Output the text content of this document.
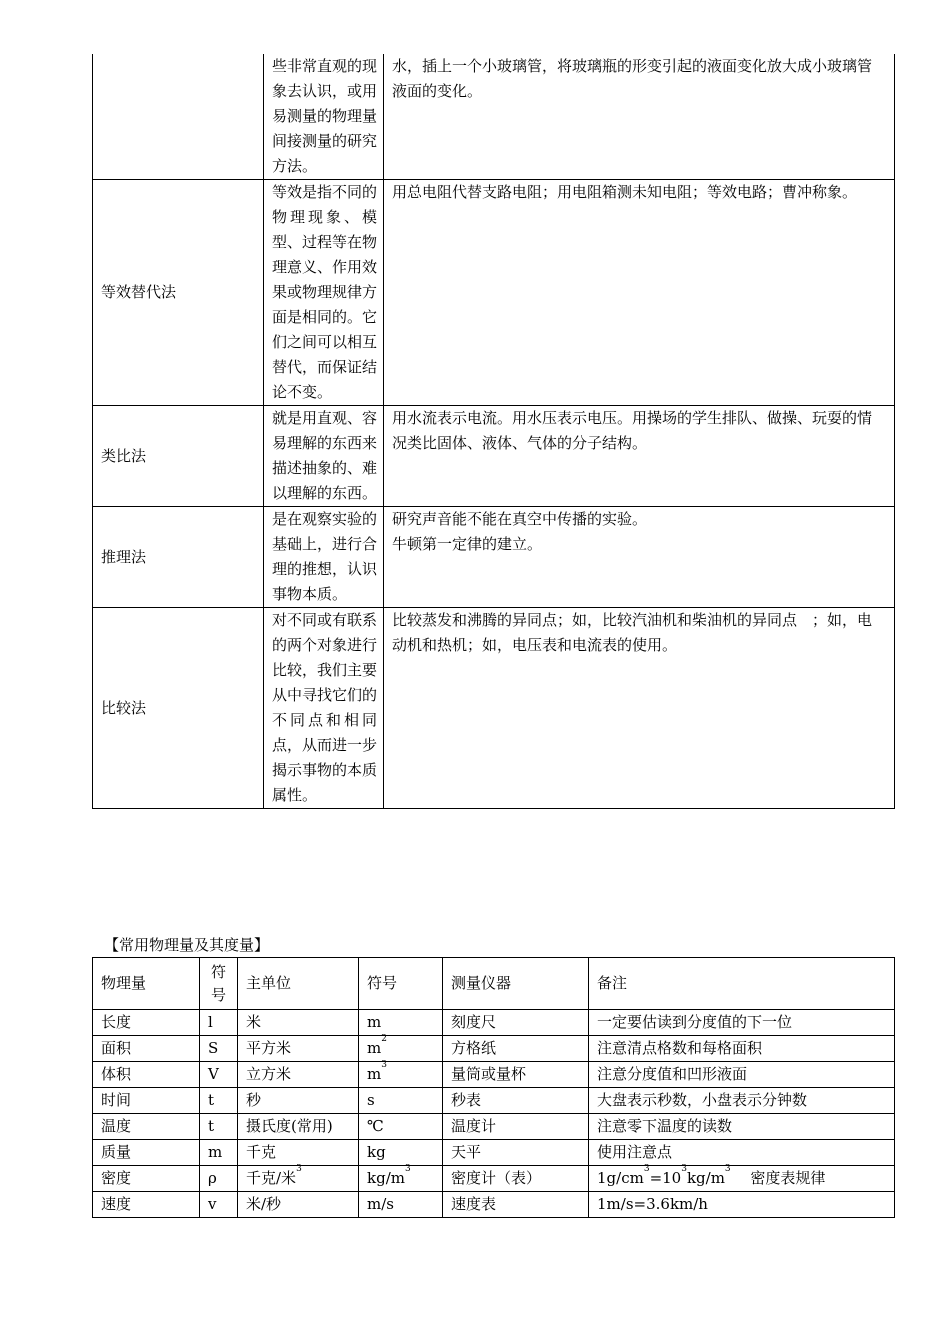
	些非常直观的现象去认识，或用易测量的物理量间接测量的研究方法。	水，插上一个小玻璃管，将玻璃瓶的形变引起的液面变化放大成小玻璃管液面的变化。

等效替代法	等效是指不同的物理现象、模型、过程等在物理意义、作用效果或物理规律方面是相同的。它们之间可以相互替代，而保证结论不变。	用总电阻代替支路电阻；用电阻箱测未知电阻；等效电路；曹冲称象。

类比法	就是用直观、容易理解的东西来描述抽象的、难以理解的东西。	用水流表示电流。用水压表示电压。用操场的学生排队、做操、玩耍的情况类比固体、液体、气体的分子结构。

推理法	是在观察实验的基础上，进行合理的推想，认识事物本质。	研究声音能不能在真空中传播的实验。
牛顿第一定律的建立。

比较法	对不同或有联系的两个对象进行比较，我们主要从中寻找它们的不同点和相同点，从而进一步揭示事物的本质属性。	比较蒸发和沸腾的异同点；如，比较汽油机和柴油机的异同点　；如，电动机和热机；如，电压表和电流表的使用。
【常用物理量及其度量】
物理量	符号	主单位	符号	测量仪器	备注
长度	l	米	m	刻度尺	一定要估读到分度值的下一位
面积	S	平方米	$m^2$	方格纸	注意清点格数和每格面积
体积	V	立方米	$m^3$	量筒或量杯	注意分度值和凹形液面
时间	t	秒	s	秒表	大盘表示秒数，小盘表示分钟数
温度	t	摄氏度(常用)	℃	温度计	注意零下温度的读数
质量	m	千克	kg	天平	使用注意点
密度	ρ	千克/米$^3$	$kg/m^3$	密度计（表）	$1g/cm^3=10^3kg/m^3$　 密度表规律
速度	v	米/秒	m/s	速度表	1m/s=3.6km/h
